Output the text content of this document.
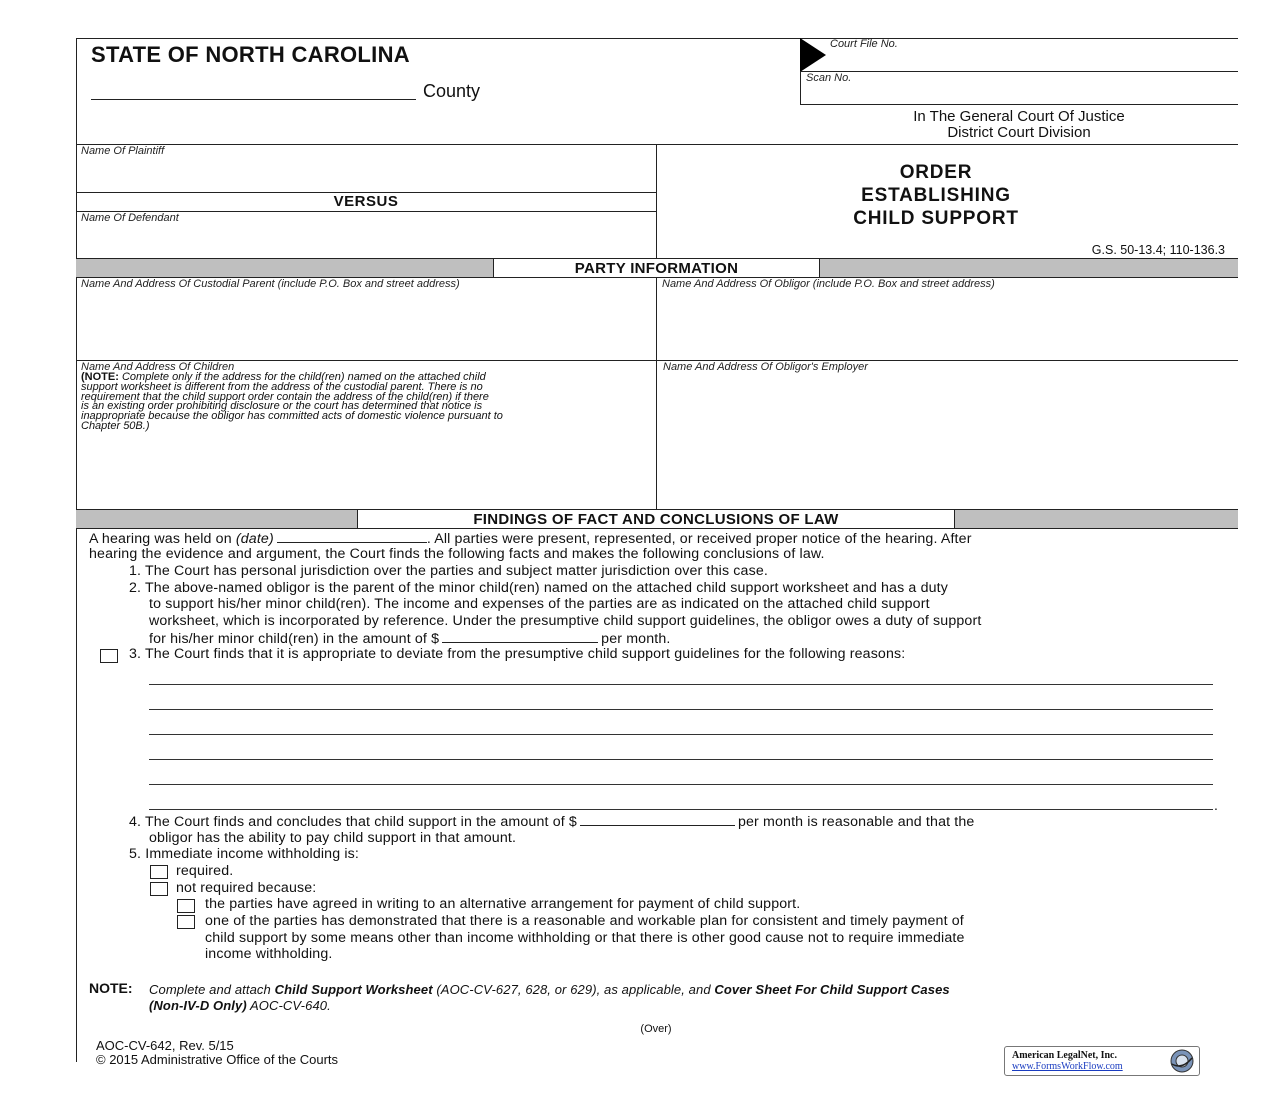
STATE OF NORTH CAROLINA
County
Court File No.
Scan No.
In The General Court Of Justice
District Court Division
Name Of Plaintiff
VERSUS
Name Of Defendant
ORDER
ESTABLISHING
CHILD SUPPORT
G.S. 50-13.4; 110-136.3
PARTY INFORMATION
Name And Address Of Custodial Parent (include P.O. Box and street address)	Name And Address Of Obligor (include P.O. Box and street address)
Name And Address Of Children
(NOTE: Complete only if the address for the child(ren) named on the attached child
support worksheet is different from the address of the custodial parent. There is no
requirement that the child support order contain the address of the child(ren) if there
is an existing order prohibiting disclosure or the court has determined that notice is
inappropriate because the obligor has committed acts of domestic violence pursuant to
Chapter 50B.)
Name And Address Of Obligor's Employer
FINDINGS OF FACT AND CONCLUSIONS OF LAW
A hearing was held on (date)	. All parties were present, represented, or received proper notice of the hearing. After
hearing the evidence and argument, the Court finds the following facts and makes the following conclusions of law.
1. The Court has personal jurisdiction over the parties and subject matter jurisdiction over this case.
2. The above-named obligor is the parent of the minor child(ren) named on the attached child support worksheet and has a duty
to support his/her minor child(ren). The income and expenses of the parties are as indicated on the attached child support
worksheet, which is incorporated by reference. Under the presumptive child support guidelines, the obligor owes a duty of support
for his/her minor child(ren) in the amount of $	per month.
3. The Court finds that it is appropriate to deviate from the presumptive child support guidelines for the following reasons:
.
4. The Court finds and concludes that child support in the amount of $	per month is reasonable and that the
obligor has the ability to pay child support in that amount.
5. Immediate income withholding is:
required.
not required because:
the parties have agreed in writing to an alternative arrangement for payment of child support.
one of the parties has demonstrated that there is a reasonable and workable plan for consistent and timely payment of
child support by some means other than income withholding or that there is other good cause not to require immediate
income withholding.
NOTE: Complete and attach Child Support Worksheet (AOC-CV-627, 628, or 629), as applicable, and Cover Sheet For Child Support Cases
(Non-IV-D Only) AOC-CV-640.
(Over)
AOC-CV-642, Rev. 5/15
© 2015 Administrative Office of the Courts	American LegalNet, Inc.
www.FormsWorkFlow.com
